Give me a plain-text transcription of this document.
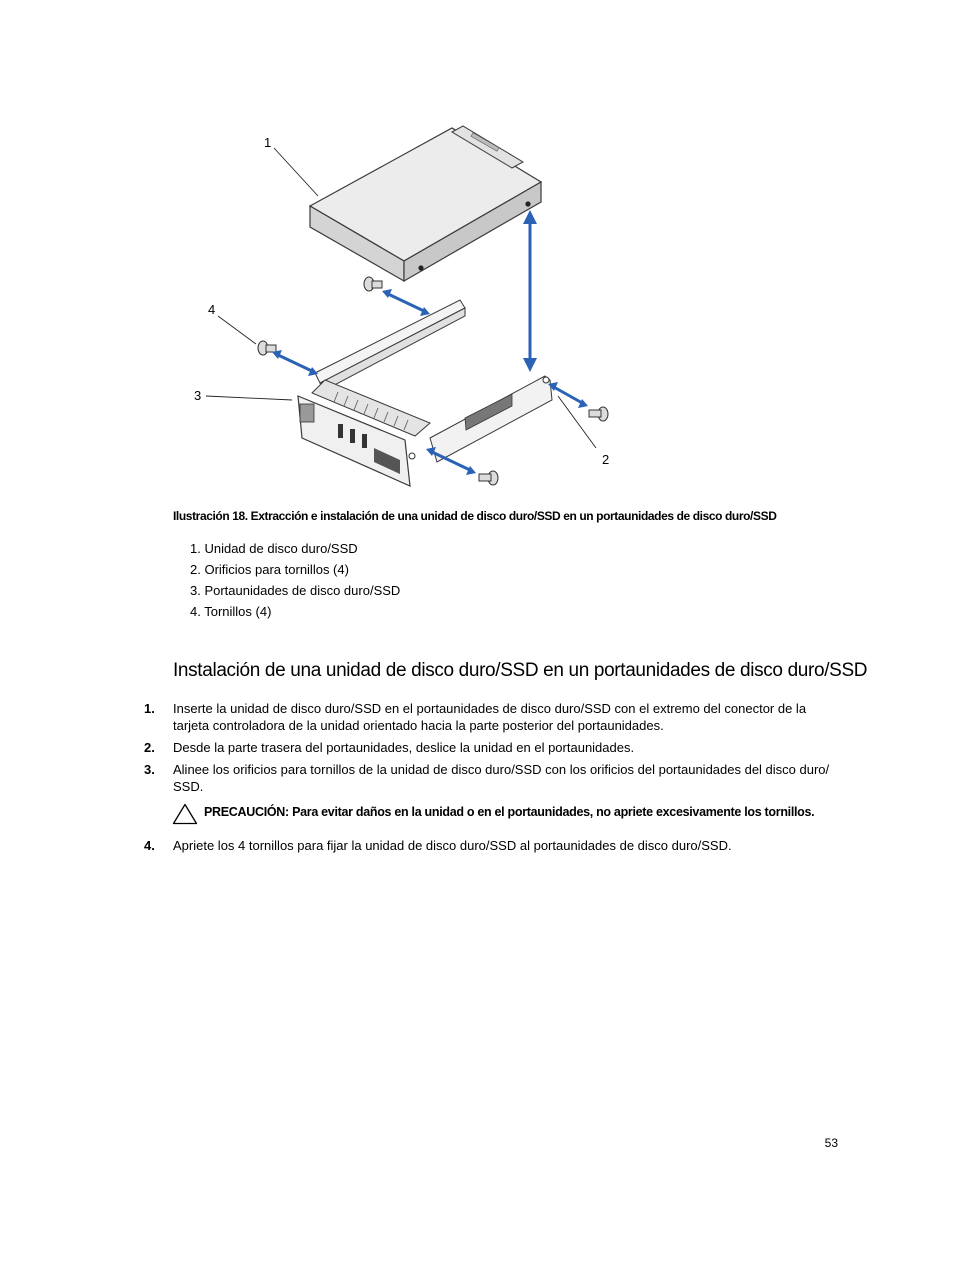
1
4
3
2
Ilustración 18. Extracción e instalación de una unidad de disco duro/SSD en un portaunidades de disco duro/SSD
1. Unidad de disco duro/SSD
2. Orificios para tornillos (4)
3. Portaunidades de disco duro/SSD
4. Tornillos (4)
Instalación de una unidad de disco duro/SSD en un portaunidades de disco duro/SSD
1. Inserte la unidad de disco duro/SSD en el portaunidades de disco duro/SSD con el extremo del conector de la tarjeta controladora de la unidad orientado hacia la parte posterior del portaunidades.
2. Desde la parte trasera del portaunidades, deslice la unidad en el portaunidades.
3. Alinee los orificios para tornillos de la unidad de disco duro/SSD con los orificios del portaunidades del disco duro/ SSD.
PRECAUCIÓN: Para evitar daños en la unidad o en el portaunidades, no apriete excesivamente los tornillos.
4. Apriete los 4 tornillos para fijar la unidad de disco duro/SSD al portaunidades de disco duro/SSD.
53
